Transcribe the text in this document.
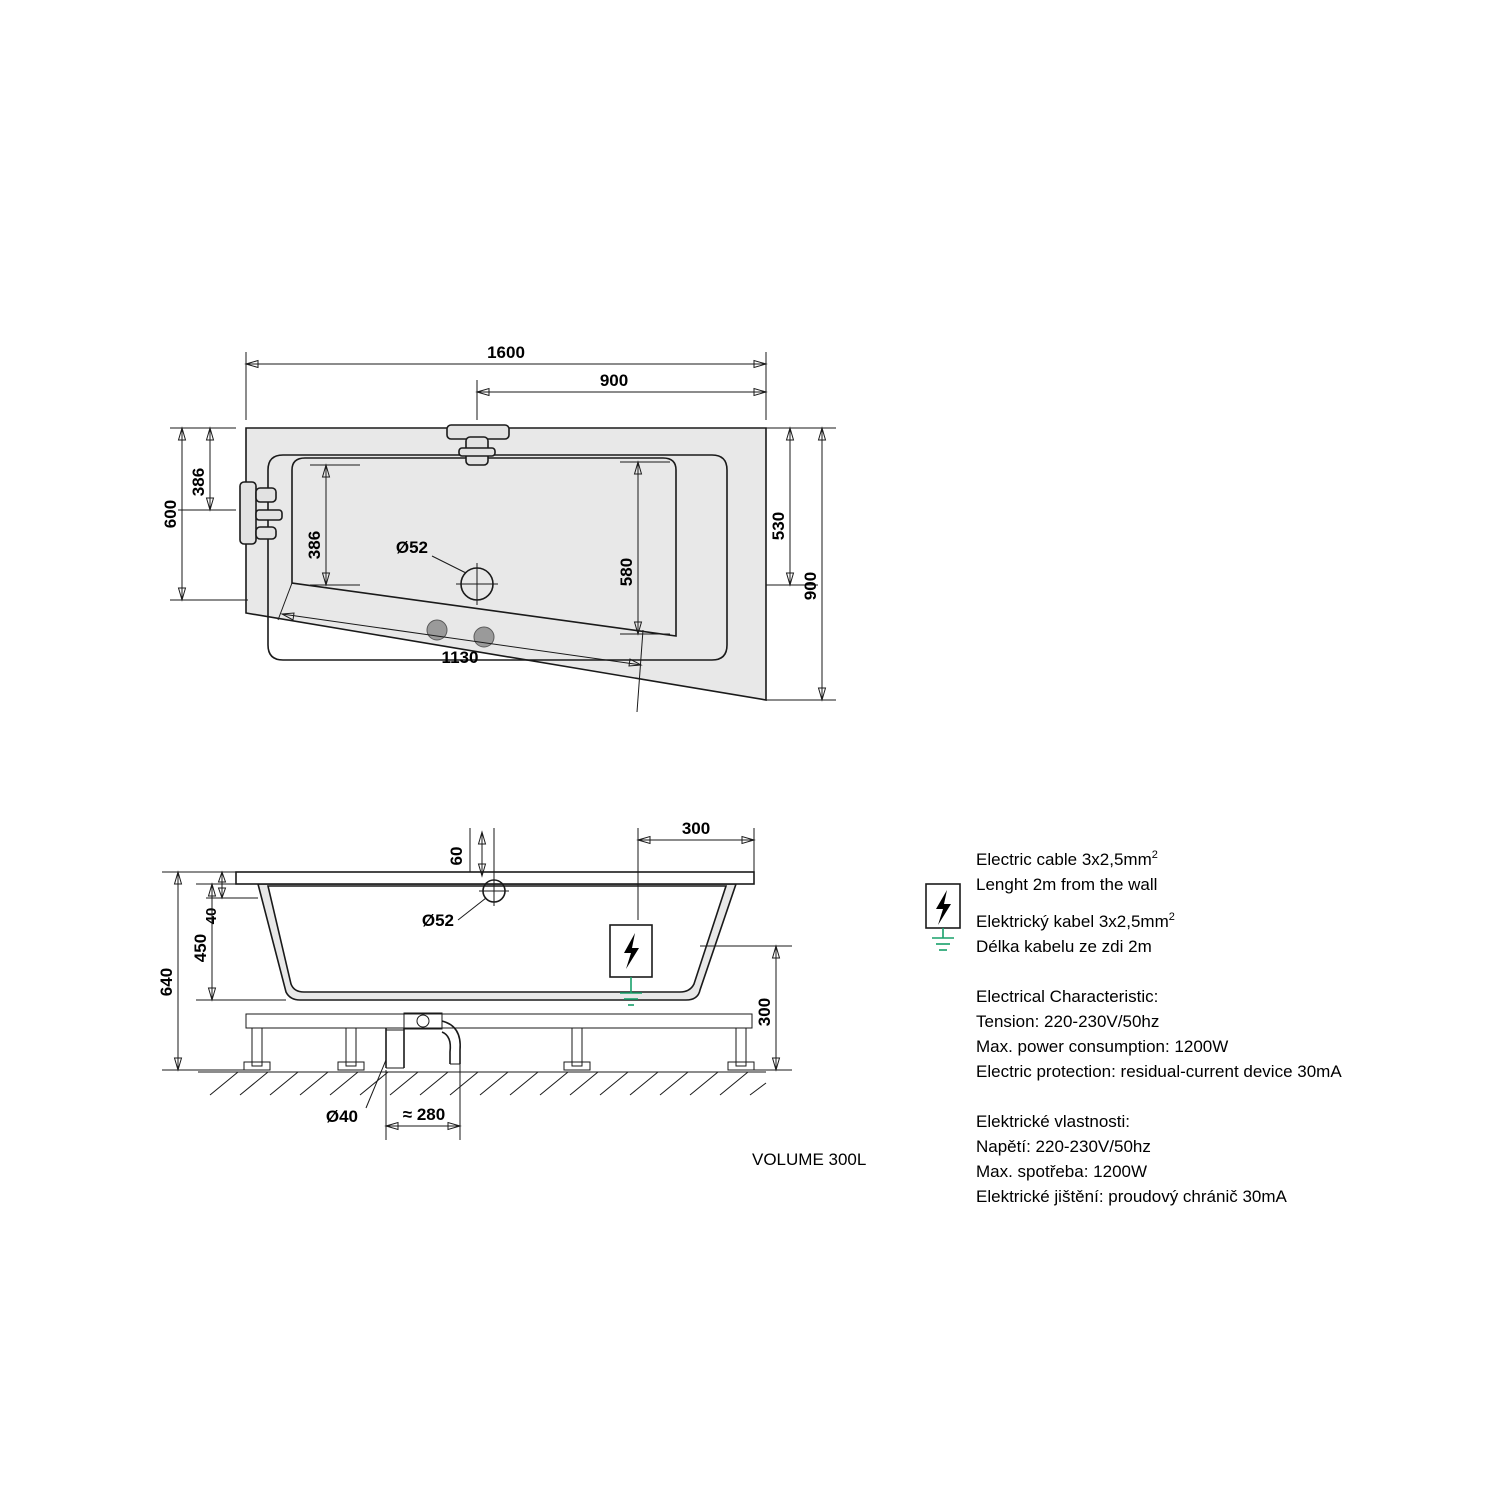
1600
900
386
600
386
580
530
900
1130
Ø52
60
300
40
450
640
300
Ø52
Ø40	≈ 280
VOLUME 300L
Electric cable 3x2,5mm$^2$
Lenght 2m from the wall
Elektrický kabel 3x2,5mm$^2$
Délka kabelu ze zdi 2m
Electrical Characteristic:
Tension: 220-230V/50hz
Max. power consumption: 1200W
Electric protection: residual-current device 30mA
Elektrické vlastnosti:
Napětí: 220-230V/50hz
Max. spotřeba: 1200W
Elektrické jištění: proudový chránič 30mA
